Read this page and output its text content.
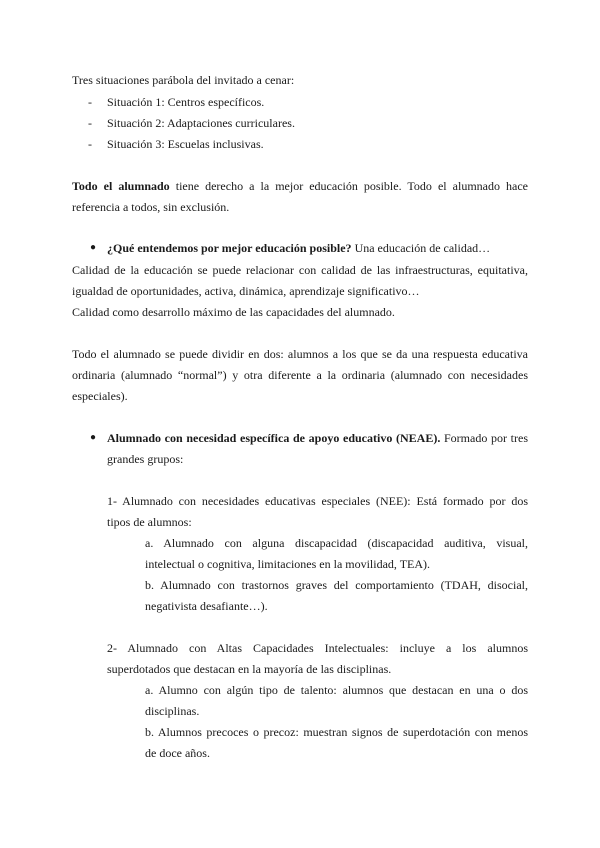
Tres situaciones parábola del invitado a cenar:
- Situación 1: Centros específicos.
- Situación 2: Adaptaciones curriculares.
- Situación 3: Escuelas inclusivas.
Todo el alumnado tiene derecho a la mejor educación posible. Todo el alumnado hace
referencia a todos, sin exclusión.
● ¿Qué entendemos por mejor educación posible? Una educación de calidad…
Calidad de la educación se puede relacionar con calidad de las infraestructuras, equitativa,
igualdad de oportunidades, activa, dinámica, aprendizaje significativo…
Calidad como desarrollo máximo de las capacidades del alumnado.
Todo el alumnado se puede dividir en dos: alumnos a los que se da una respuesta educativa
ordinaria (alumnado “normal”) y otra diferente a la ordinaria (alumnado con necesidades
especiales).
● Alumnado con necesidad específica de apoyo educativo (NEAE). Formado por tres
grandes grupos:
1- Alumnado con necesidades educativas especiales (NEE): Está formado por dos
tipos de alumnos:
a. Alumnado con alguna discapacidad (discapacidad auditiva, visual,
intelectual o cognitiva, limitaciones en la movilidad, TEA).
b. Alumnado con trastornos graves del comportamiento (TDAH, disocial,
negativista desafiante…).
2- Alumnado con Altas Capacidades Intelectuales: incluye a los alumnos
superdotados que destacan en la mayoría de las disciplinas.
a. Alumno con algún tipo de talento: alumnos que destacan en una o dos
disciplinas.
b. Alumnos precoces o precoz: muestran signos de superdotación con menos
de doce años.
